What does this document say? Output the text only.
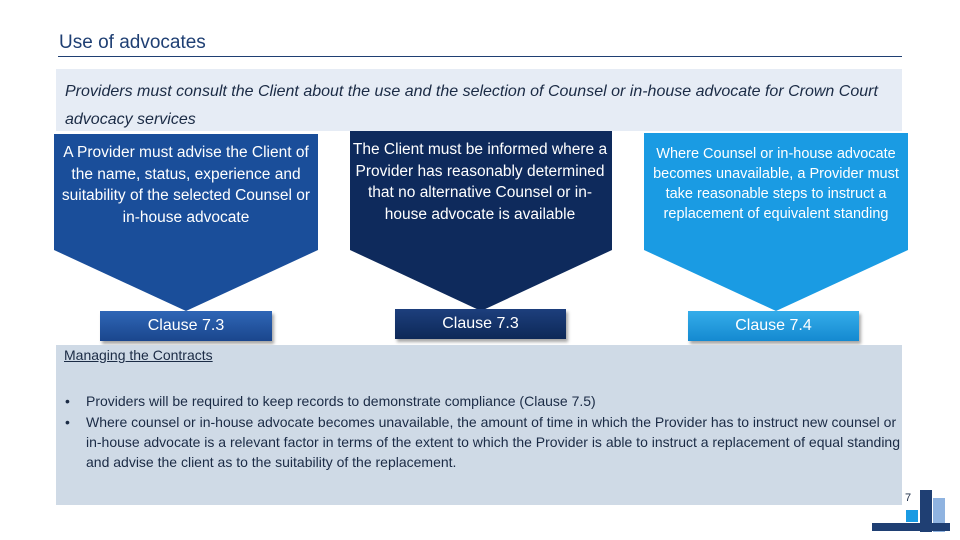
Use of advocates
Providers must consult the Client about the use and the selection of Counsel or in-house advocate for Crown Court advocacy services
A Provider must advise the Client of the name, status, experience and suitability of the selected Counsel or in-house advocate
The Client must be informed where a Provider has reasonably determined that no alternative Counsel or in-house advocate is available
Where Counsel or in-house advocate becomes unavailable, a Provider must take reasonable steps to instruct a replacement of equivalent standing
Clause 7.3	Clause 7.3	Clause 7.4
Managing the Contracts
• Providers will be required to keep records to demonstrate compliance (Clause 7.5)
• Where counsel or in-house advocate becomes unavailable, the amount of time in which the Provider has to instruct new counsel or in-house advocate is a relevant factor in terms of the extent to which the Provider is able to instruct a replacement of equal standing and advise the client as to the suitability of the replacement.
7
